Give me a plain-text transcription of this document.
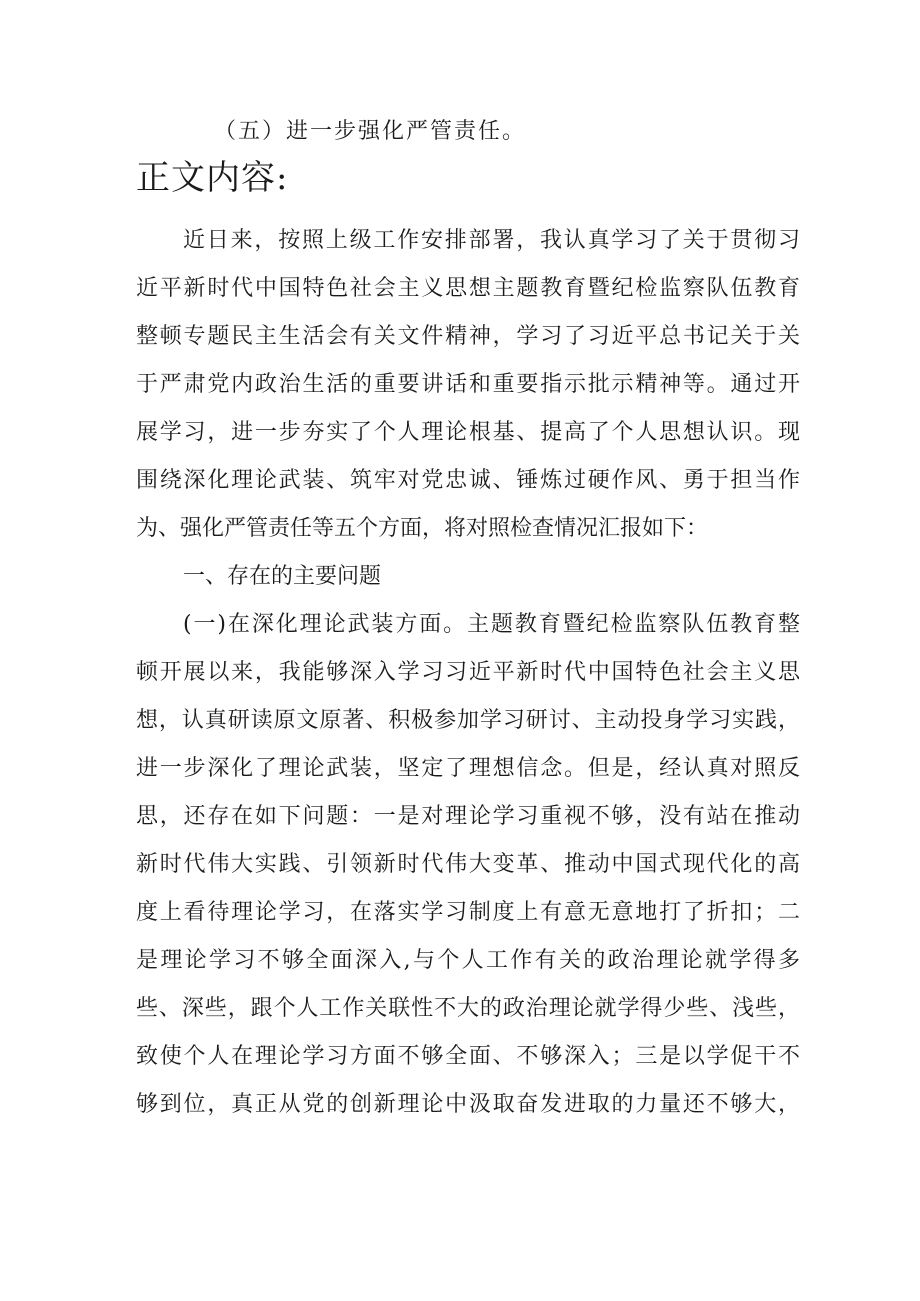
（五）进一步强化严管责任。
正文内容:
近日来，按照上级工作安排部署，我认真学习了关于贯彻习
近平新时代中国特色社会主义思想主题教育暨纪检监察队伍教育
整顿专题民主生活会有关文件精神，学习了习近平总书记关于关
于严肃党内政治生活的重要讲话和重要指示批示精神等。通过开
展学习，进一步夯实了个人理论根基、提高了个人思想认识。现
围绕深化理论武装、筑牢对党忠诚、锤炼过硬作风、勇于担当作
为、强化严管责任等五个方面，将对照检查情况汇报如下：
一、存在的主要问题
(一)在深化理论武装方面。主题教育暨纪检监察队伍教育整
顿开展以来，我能够深入学习习近平新时代中国特色社会主义思
想，认真研读原文原著、积极参加学习研讨、主动投身学习实践，
进一步深化了理论武装，坚定了理想信念。但是，经认真对照反
思，还存在如下问题：一是对理论学习重视不够，没有站在推动
新时代伟大实践、引领新时代伟大变革、推动中国式现代化的高
度上看待理论学习，在落实学习制度上有意无意地打了折扣；二
是理论学习不够全面深入,与个人工作有关的政治理论就学得多
些、深些，跟个人工作关联性不大的政治理论就学得少些、浅些，
致使个人在理论学习方面不够全面、不够深入；三是以学促干不
够到位，真正从党的创新理论中汲取奋发进取的力量还不够大，
